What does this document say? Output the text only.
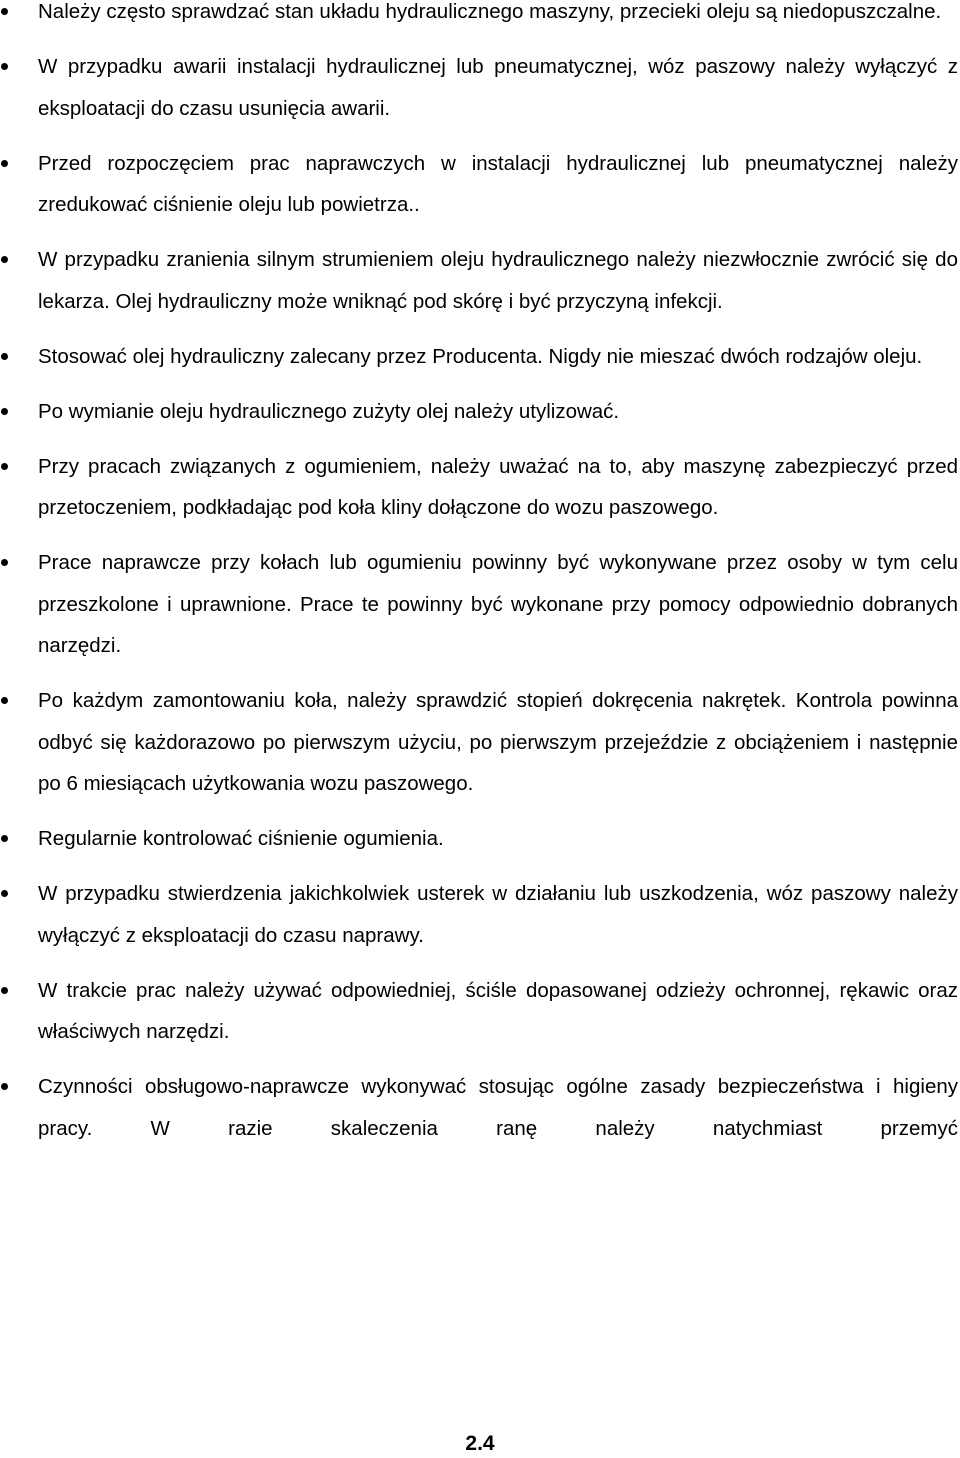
Należy często sprawdzać stan układu hydraulicznego maszyny, przecieki oleju są niedopuszczalne.
W przypadku awarii instalacji hydraulicznej lub pneumatycznej, wóz paszowy należy wyłączyć z eksploatacji do czasu usunięcia awarii.
Przed rozpoczęciem prac naprawczych w instalacji hydraulicznej lub pneumatycznej należy zredukować ciśnienie oleju lub powietrza..
W przypadku zranienia silnym strumieniem oleju hydraulicznego należy niezwłocznie zwrócić się do lekarza. Olej hydrauliczny może wniknąć pod skórę i być przyczyną infekcji.
Stosować olej hydrauliczny zalecany przez Producenta. Nigdy nie mieszać dwóch rodzajów oleju.
Po wymianie oleju hydraulicznego zużyty olej należy utylizować.
Przy pracach związanych z ogumieniem, należy uważać na to, aby maszynę zabezpieczyć przed przetoczeniem, podkładając pod koła kliny dołączone do wozu paszowego.
Prace naprawcze przy kołach lub ogumieniu powinny być wykonywane przez osoby w tym celu przeszkolone i uprawnione. Prace te powinny być wykonane przy pomocy odpowiednio dobranych narzędzi.
Po każdym zamontowaniu koła, należy sprawdzić stopień dokręcenia nakrętek. Kontrola powinna odbyć się każdorazowo po pierwszym użyciu, po pierwszym przejeździe z obciążeniem i następnie po 6 miesiącach użytkowania wozu paszowego.
Regularnie kontrolować ciśnienie ogumienia.
W przypadku stwierdzenia jakichkolwiek usterek w działaniu lub uszkodzenia, wóz paszowy należy wyłączyć z eksploatacji do czasu naprawy.
W trakcie prac należy używać odpowiedniej, ściśle dopasowanej odzieży ochronnej, rękawic oraz właściwych narzędzi.
Czynności obsługowo-naprawcze wykonywać stosując ogólne zasady bezpieczeństwa i higieny pracy. W razie skaleczenia ranę należy natychmiast przemyć
2.4
